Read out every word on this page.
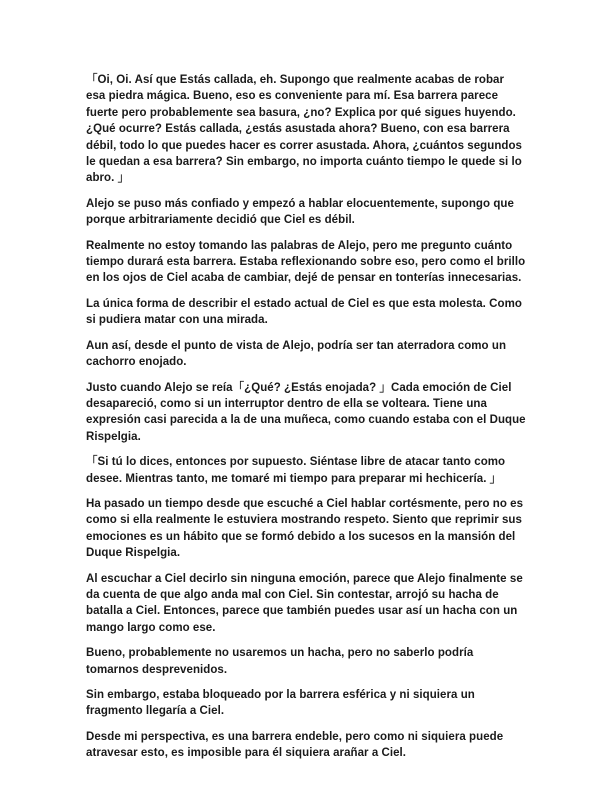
「Oi, Oi. Así que Estás callada, eh. Supongo que realmente acabas de robar esa piedra mágica. Bueno, eso es conveniente para mí. Esa barrera parece fuerte pero probablemente sea basura, ¿no? Explica por qué sigues huyendo. ¿Qué ocurre? Estás callada, ¿estás asustada ahora? Bueno, con esa barrera débil, todo lo que puedes hacer es correr asustada. Ahora, ¿cuántos segundos le quedan a esa barrera? Sin embargo, no importa cuánto tiempo le quede si lo abro. 」

Alejo se puso más confiado y empezó a hablar elocuentemente, supongo que porque arbitrariamente decidió que Ciel es débil.

Realmente no estoy tomando las palabras de Alejo, pero me pregunto cuánto tiempo durará esta barrera. Estaba reflexionando sobre eso, pero como el brillo en los ojos de Ciel acaba de cambiar, dejé de pensar en tonterías innecesarias.

La única forma de describir el estado actual de Ciel es que esta molesta. Como si pudiera matar con una mirada.

Aun así, desde el punto de vista de Alejo, podría ser tan aterradora como un cachorro enojado.

Justo cuando Alejo se reía「¿Qué? ¿Estás enojada? 」Cada emoción de Ciel desapareció, como si un interruptor dentro de ella se volteara. Tiene una expresión casi parecida a la de una muñeca, como cuando estaba con el Duque Rispelgia.

「Si tú lo dices, entonces por supuesto. Siéntase libre de atacar tanto como desee. Mientras tanto, me tomaré mi tiempo para preparar mi hechicería. 」

Ha pasado un tiempo desde que escuché a Ciel hablar cortésmente, pero no es como si ella realmente le estuviera mostrando respeto. Siento que reprimir sus emociones es un hábito que se formó debido a los sucesos en la mansión del Duque Rispelgia.

Al escuchar a Ciel decirlo sin ninguna emoción, parece que Alejo finalmente se da cuenta de que algo anda mal con Ciel. Sin contestar, arrojó su hacha de batalla a Ciel. Entonces, parece que también puedes usar así un hacha con un mango largo como ese.

Bueno, probablemente no usaremos un hacha, pero no saberlo podría tomarnos desprevenidos.

Sin embargo, estaba bloqueado por la barrera esférica y ni siquiera un fragmento llegaría a Ciel.

Desde mi perspectiva, es una barrera endeble, pero como ni siquiera puede atravesar esto, es imposible para él siquiera arañar a Ciel.
